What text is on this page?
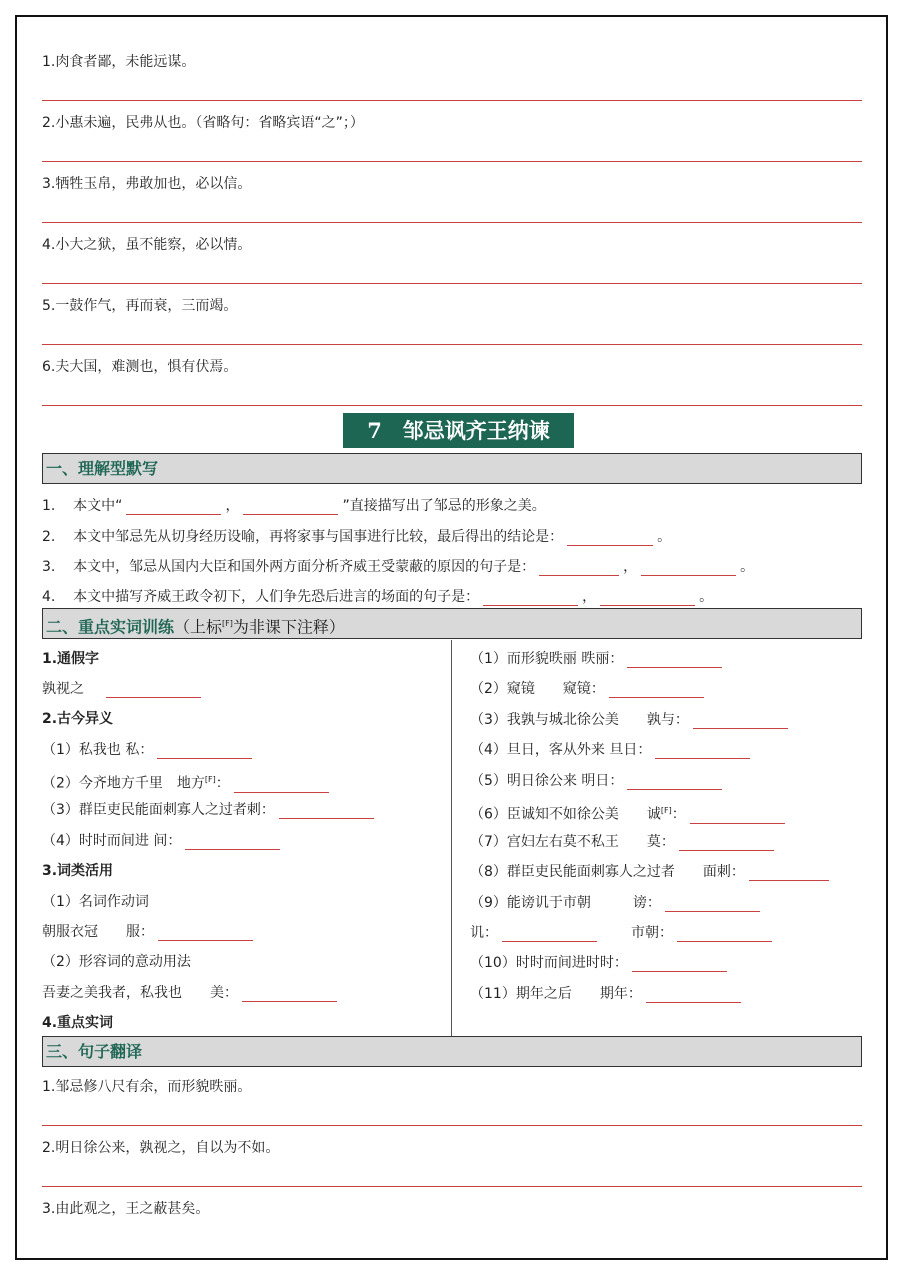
1.肉食者鄙，未能远谋。
2.小惠未遍，民弗从也。（省略句：省略宾语“之”；）
3.牺牲玉帛，弗敢加也，必以信。
4.小大之狱，虽不能察，必以情。
5.一鼓作气，再而衰，三而竭。
6.夫大国，难测也，惧有伏焉。
7　邹忌讽齐王纳谏
一、理解型默写
1. 本文中“	，	”直接描写出了邹忌的形象之美。
2. 本文中邹忌先从切身经历设喻，再将家事与国事进行比较，最后得出的结论是：	。
3. 本文中，邹忌从国内大臣和国外两方面分析齐威王受蒙蔽的原因的句子是：	，	。
4. 本文中描写齐威王政令初下，人们争先恐后进言的场面的句子是：	，	。
二、重点实词训练（上标[F]为非课下注释）
1.通假字
孰视之
2.古今异义
（1）私我也 私：
（2）今齐地方千里　地方[F]：
（3）群臣吏民能面刺寡人之过者刺：
（4）时时而间进 间：
3.词类活用
（1）名词作动词
朝服衣冠　　服：
（2）形容词的意动用法
吾妻之美我者，私我也　　美：
4.重点实词
（1）而形貌昳丽 昳丽：
（2）窥镜　　窥镜：
（3）我孰与城北徐公美　　孰与：
（4）旦日，客从外来 旦日：
（5）明日徐公来 明日：
（6）臣诚知不如徐公美　　诚[F]：
（7）宫妇左右莫不私王　　莫：
（8）群臣吏民能面刺寡人之过者　　面刺：
（9）能谤讥于市朝　　　谤：
讥：	市朝：
（10）时时而间进时时：
（11）期年之后　　期年：
三、句子翻译
1.邹忌修八尺有余，而形貌昳丽。
2.明日徐公来，孰视之，自以为不如。
3.由此观之，王之蔽甚矣。
